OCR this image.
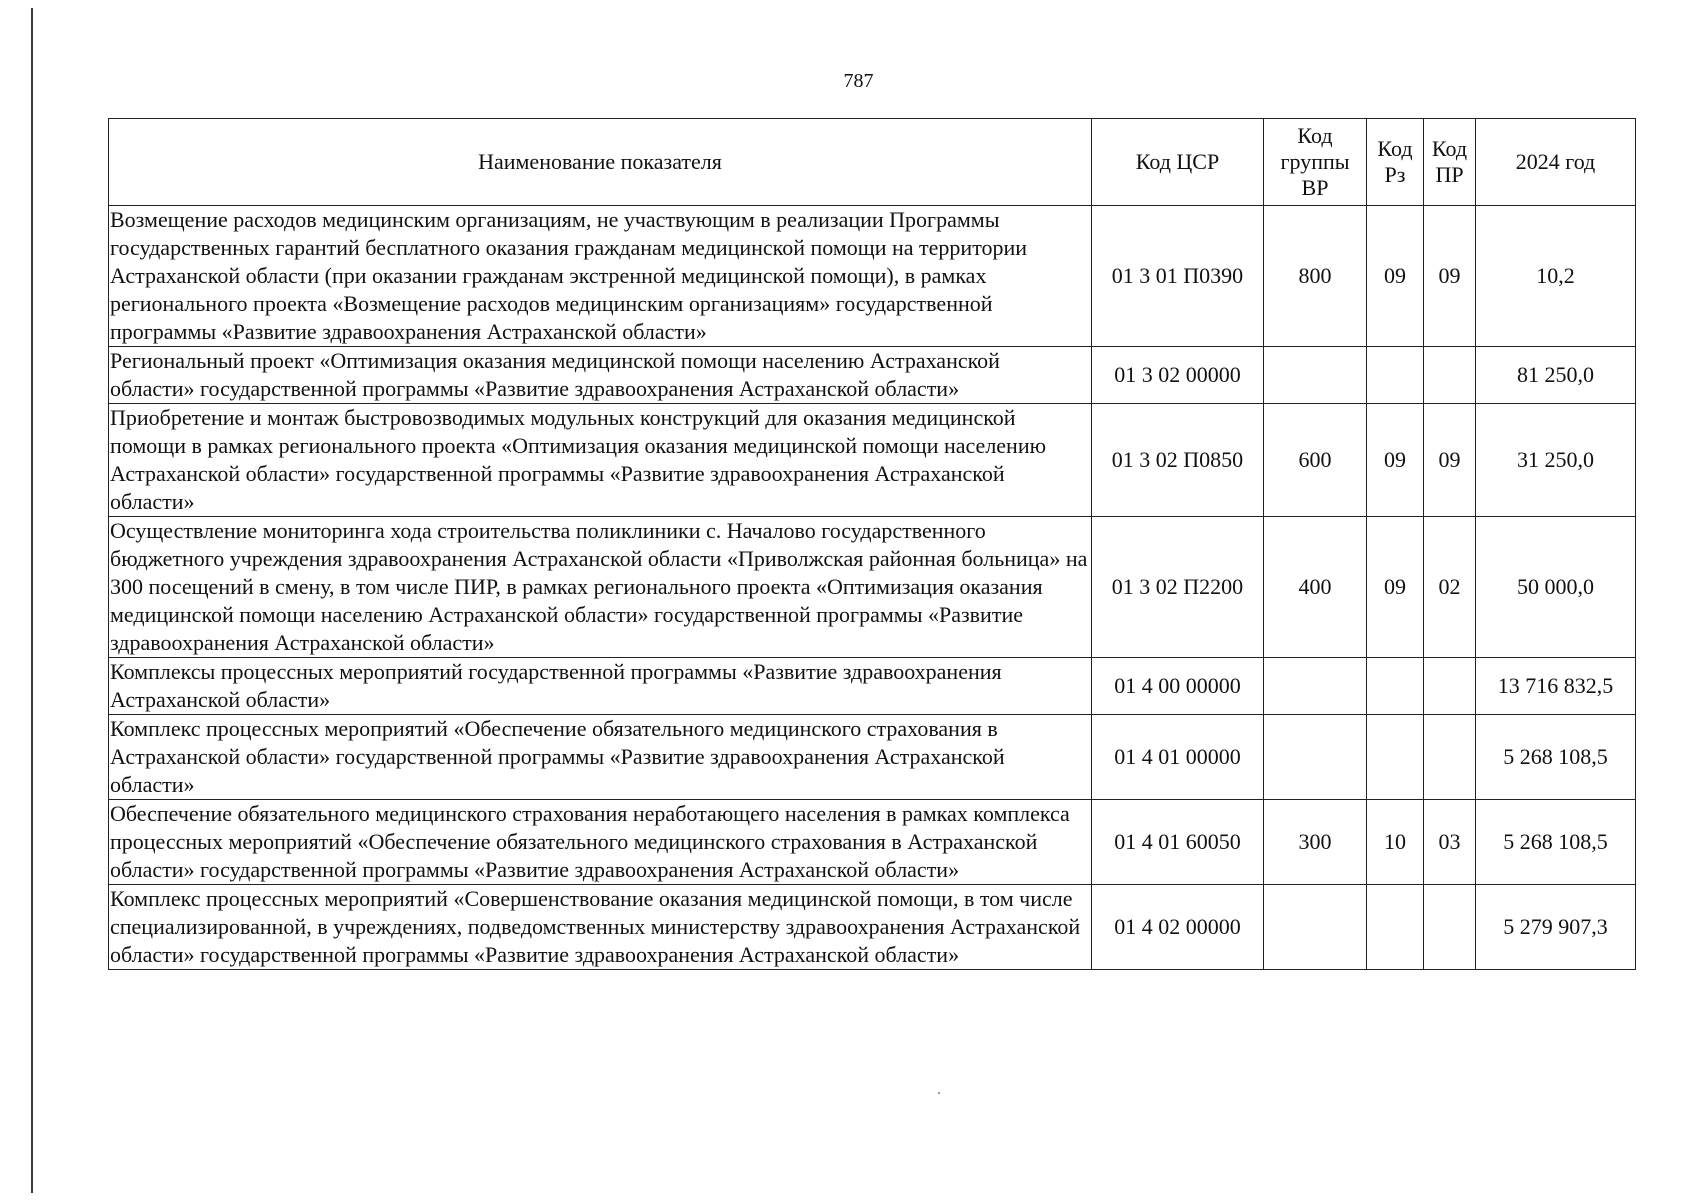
787
Наименование показателя	Код ЦСР	Код группы ВР	Код Рз	Код ПР	2024 год
Возмещение расходов медицинским организациям, не участвующим в реализации Программы государственных гарантий бесплатного оказания гражданам медицинской помощи на территории Астраханской области (при оказании гражданам экстренной медицинской помощи), в рамках регионального проекта «Возмещение расходов медицинским организациям» государственной программы «Развитие здравоохранения Астраханской области»	01 3 01 П0390	800	09	09	10,2
Региональный проект «Оптимизация оказания медицинской помощи населению Астраханской области» государственной программы «Развитие здравоохранения Астраханской области»	01 3 02 00000				81 250,0
Приобретение и монтаж быстровозводимых модульных конструкций для оказания медицинской помощи в рамках регионального проекта «Оптимизация оказания медицинской помощи населению Астраханской области» государственной программы «Развитие здравоохранения Астраханской области»	01 3 02 П0850	600	09	09	31 250,0
Осуществление мониторинга хода строительства поликлиники с. Началово государственного бюджетного учреждения здравоохранения Астраханской области «Приволжская районная больница» на 300 посещений в смену, в том числе ПИР, в рамках регионального проекта «Оптимизация оказания медицинской помощи населению Астраханской области» государственной программы «Развитие здравоохранения Астраханской области»	01 3 02 П2200	400	09	02	50 000,0
Комплексы процессных мероприятий государственной программы «Развитие здравоохранения Астраханской области»	01 4 00 00000				13 716 832,5
Комплекс процессных мероприятий «Обеспечение обязательного медицинского страхования в Астраханской области» государственной программы «Развитие здравоохранения Астраханской области»	01 4 01 00000				5 268 108,5
Обеспечение обязательного медицинского страхования неработающего населения в рамках комплекса процессных мероприятий «Обеспечение обязательного медицинского страхования в Астраханской области» государственной программы «Развитие здравоохранения Астраханской области»	01 4 01 60050	300	10	03	5 268 108,5
Комплекс процессных мероприятий «Совершенствование оказания медицинской помощи, в том числе специализированной, в учреждениях, подведомственных министерству здравоохранения Астраханской области» государственной программы «Развитие здравоохранения Астраханской области»	01 4 02 00000				5 279 907,3
